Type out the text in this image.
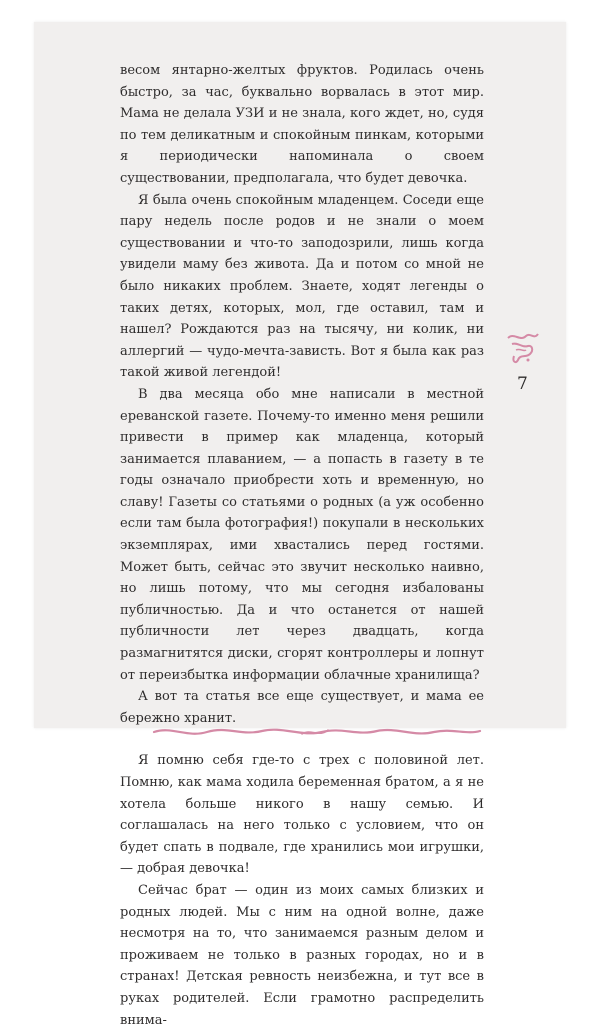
весом янтарно-желтых фруктов. Родилась очень быстро, за час, буквально ворвалась в этот мир. Мама не делала УЗИ и не знала, кого ждет, но, судя по тем деликатным и спокойным пинкам, которыми я периодически напоминала о своем существовании, предполагала, что будет девочка.

Я была очень спокойным младенцем. Соседи еще пару недель после родов и не знали о моем существовании и что-то заподозрили, лишь когда увидели маму без живота. Да и потом со мной не было никаких проблем. Знаете, ходят легенды о таких детях, которых, мол, где оставил, там и нашел? Рождаются раз на тысячу, ни колик, ни аллергий — чудо-мечта-зависть. Вот я была как раз такой живой легендой!

В два месяца обо мне написали в местной ереванской газете. Почему-то именно меня решили привести в пример как младенца, который занимается плаванием, — а попасть в газету в те годы означало приобрести хоть и временную, но славу! Газеты со статьями о родных (а уж особенно если там была фотография!) покупали в нескольких экземплярах, ими хвастались перед гостями. Может быть, сейчас это звучит несколько наивно, но лишь потому, что мы сегодня избалованы публичностью. Да и что останется от нашей публичности лет через двадцать, когда размагнитятся диски, сгорят контроллеры и лопнут от переизбытка информации облачные хранилища?

А вот та статья все еще существует, и мама ее бережно хранит.

Я помню себя где-то с трех с половиной лет. Помню, как мама ходила беременная братом, а я не хотела больше никого в нашу семью. И соглашалась на него только с условием, что он будет спать в подвале, где хранились мои игрушки, — добрая девочка!

Сейчас брат — один из моих самых близких и родных людей. Мы с ним на одной волне, даже несмотря на то, что занимаемся разным делом и проживаем не только в разных городах, но и в странах! Детская ревность неизбежна, и тут все в руках родителей. Если грамотно распределить внима-

7
